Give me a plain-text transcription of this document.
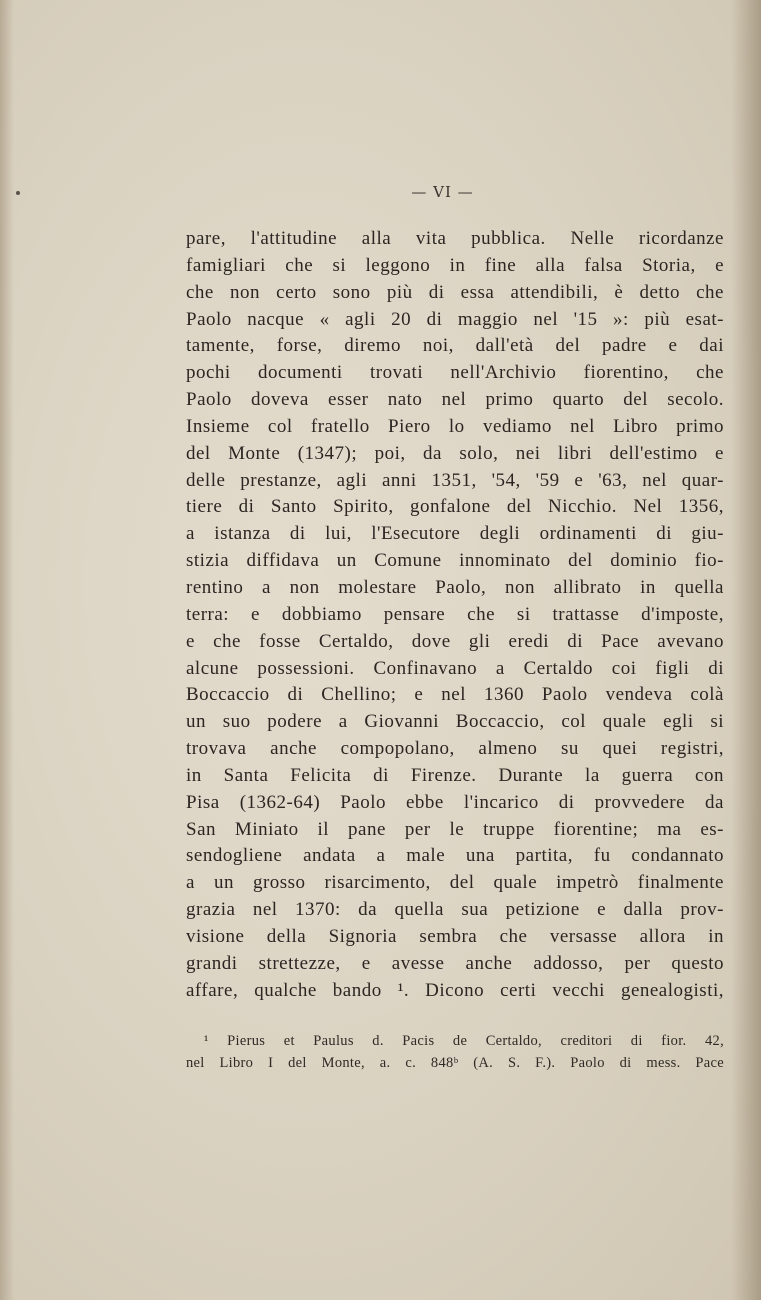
— VI —
pare, l'attitudine alla vita pubblica. Nelle ricordanze
famigliari che si leggono in fine alla falsa Storia, e
che non certo sono più di essa attendibili, è detto che
Paolo nacque « agli 20 di maggio nel '15 »: più esat-
tamente, forse, diremo noi, dall'età del padre e dai
pochi documenti trovati nell'Archivio fiorentino, che
Paolo doveva esser nato nel primo quarto del secolo.
Insieme col fratello Piero lo vediamo nel Libro primo
del Monte (1347); poi, da solo, nei libri dell'estimo e
delle prestanze, agli anni 1351, '54, '59 e '63, nel quar-
tiere di Santo Spirito, gonfalone del Nicchio. Nel 1356,
a istanza di lui, l'Esecutore degli ordinamenti di giu-
stizia diffidava un Comune innominato del dominio fio-
rentino a non molestare Paolo, non allibrato in quella
terra: e dobbiamo pensare che si trattasse d'imposte,
e che fosse Certaldo, dove gli eredi di Pace avevano
alcune possessioni. Confinavano a Certaldo coi figli di
Boccaccio di Chellino; e nel 1360 Paolo vendeva colà
un suo podere a Giovanni Boccaccio, col quale egli si
trovava anche compopolano, almeno su quei registri,
in Santa Felicita di Firenze. Durante la guerra con
Pisa (1362-64) Paolo ebbe l'incarico di provvedere da
San Miniato il pane per le truppe fiorentine; ma es-
sendogliene andata a male una partita, fu condannato
a un grosso risarcimento, del quale impetrò finalmente
grazia nel 1370: da quella sua petizione e dalla prov-
visione della Signoria sembra che versasse allora in
grandi strettezze, e avesse anche addosso, per questo
affare, qualche bando ¹. Dicono certi vecchi genealogisti,
¹ Pierus et Paulus d. Pacis de Certaldo, creditori di fior. 42,
nel Libro I del Monte, a. c. 848ᵇ (A. S. F.). Paolo di mess. Pace
